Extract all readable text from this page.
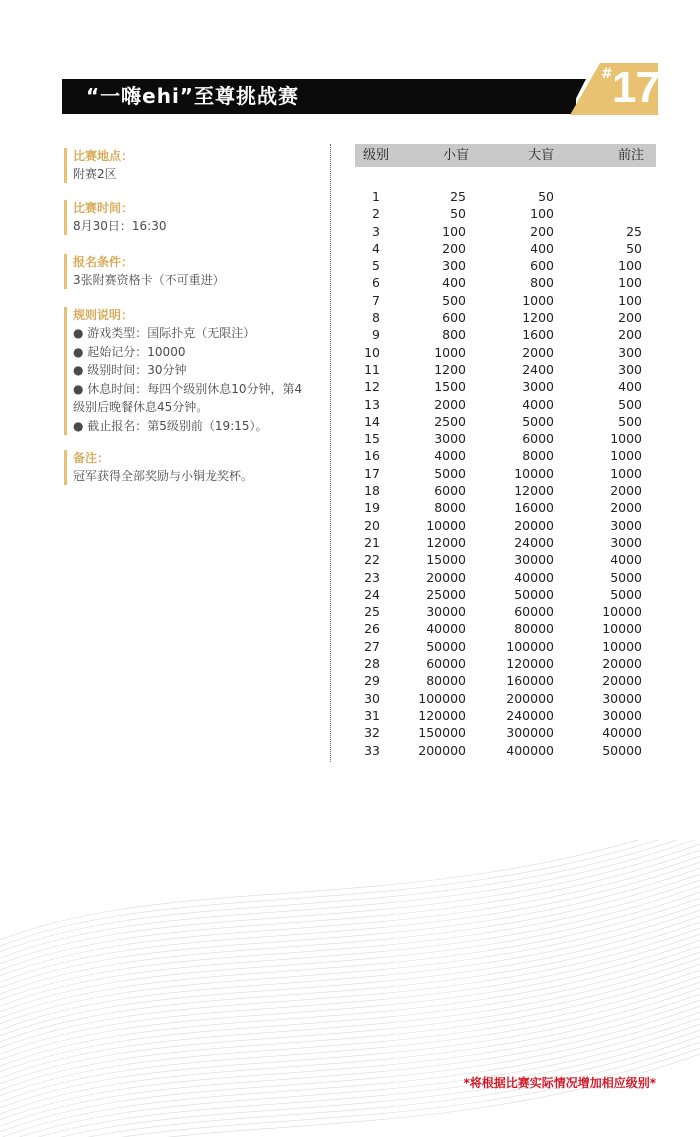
“一嗨ehi”至尊挑战赛
# 17
比赛地点：
附赛2区
比赛时间：
8月30日：16:30
报名条件：
3张附赛资格卡（不可重进）
规则说明：
● 游戏类型：国际扑克（无限注）
● 起始记分：10000
● 级别时间：30分钟
● 休息时间：每四个级别休息10分钟，第4
级别后晚餐休息45分钟。
● 截止报名：第5级别前（19:15）。
备注：
冠军获得全部奖励与小铜龙奖杯。
级别	小盲	大盲	前注
1	25	50
2	50	100
3	100	200	25
4	200	400	50
5	300	600	100
6	400	800	100
7	500	1000	100
8	600	1200	200
9	800	1600	200
10	1000	2000	300
11	1200	2400	300
12	1500	3000	400
13	2000	4000	500
14	2500	5000	500
15	3000	6000	1000
16	4000	8000	1000
17	5000	10000	1000
18	6000	12000	2000
19	8000	16000	2000
20	10000	20000	3000
21	12000	24000	3000
22	15000	30000	4000
23	20000	40000	5000
24	25000	50000	5000
25	30000	60000	10000
26	40000	80000	10000
27	50000	100000	10000
28	60000	120000	20000
29	80000	160000	20000
30	100000	200000	30000
31	120000	240000	30000
32	150000	300000	40000
33	200000	400000	50000
*将根据比赛实际情况增加相应级别*
